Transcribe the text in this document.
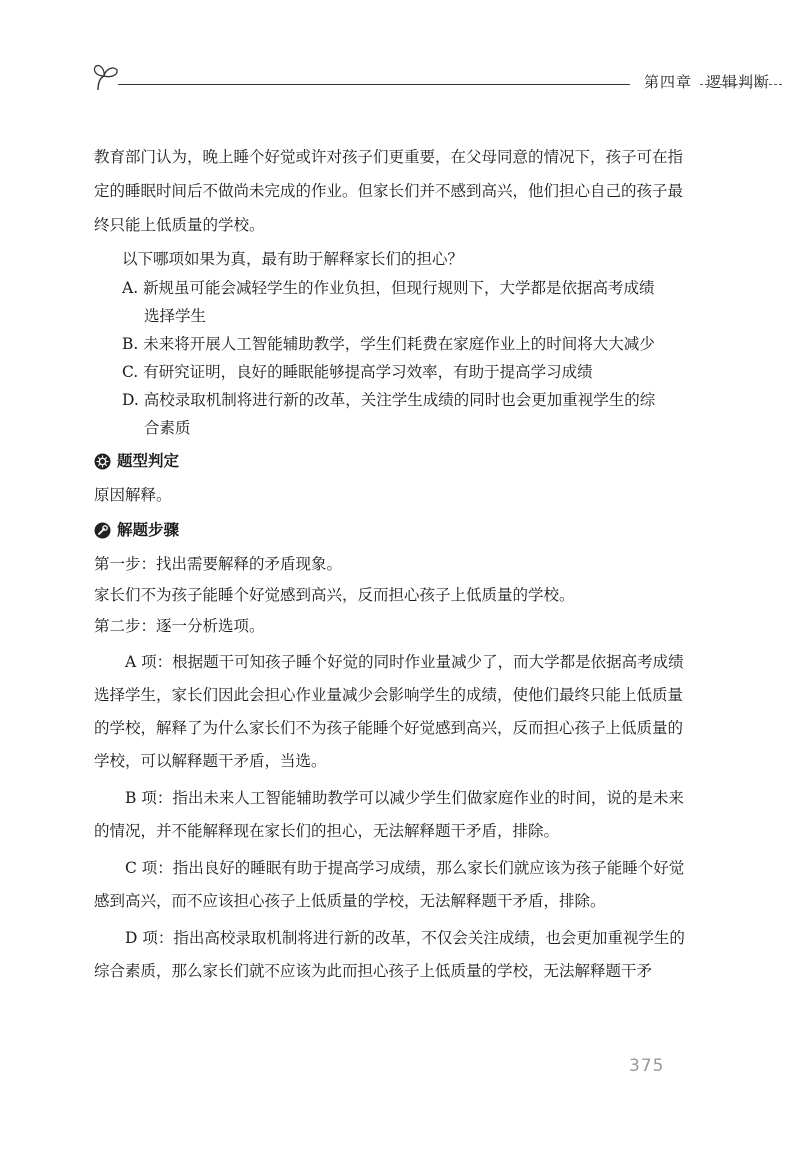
第四章 逻辑判断

教育部门认为，晚上睡个好觉或许对孩子们更重要，在父母同意的情况下，孩子可在指定的睡眠时间后不做尚未完成的作业。但家长们并不感到高兴，他们担心自己的孩子最终只能上低质量的学校。

以下哪项如果为真，最有助于解释家长们的担心？

A. 新规虽可能会减轻学生的作业负担，但现行规则下，大学都是依据高考成绩

选择学生

B. 未来将开展人工智能辅助教学，学生们耗费在家庭作业上的时间将大大减少

C. 有研究证明，良好的睡眠能够提高学习效率，有助于提高学习成绩

D. 高校录取机制将进行新的改革，关注学生成绩的同时也会更加重视学生的综

合素质

题型判定

原因解释。

解题步骤

第一步：找出需要解释的矛盾现象。

家长们不为孩子能睡个好觉感到高兴，反而担心孩子上低质量的学校。

第二步：逐一分析选项。

A 项：根据题干可知孩子睡个好觉的同时作业量减少了，而大学都是依据高考成绩选择学生，家长们因此会担心作业量减少会影响学生的成绩，使他们最终只能上低质量的学校，解释了为什么家长们不为孩子能睡个好觉感到高兴，反而担心孩子上低质量的学校，可以解释题干矛盾，当选。

B 项：指出未来人工智能辅助教学可以减少学生们做家庭作业的时间，说的是未来的情况，并不能解释现在家长们的担心，无法解释题干矛盾，排除。

C 项：指出良好的睡眠有助于提高学习成绩，那么家长们就应该为孩子能睡个好觉感到高兴，而不应该担心孩子上低质量的学校，无法解释题干矛盾，排除。

D 项：指出高校录取机制将进行新的改革，不仅会关注成绩，也会更加重视学生的综合素质，那么家长们就不应该为此而担心孩子上低质量的学校，无法解释题干矛

375
